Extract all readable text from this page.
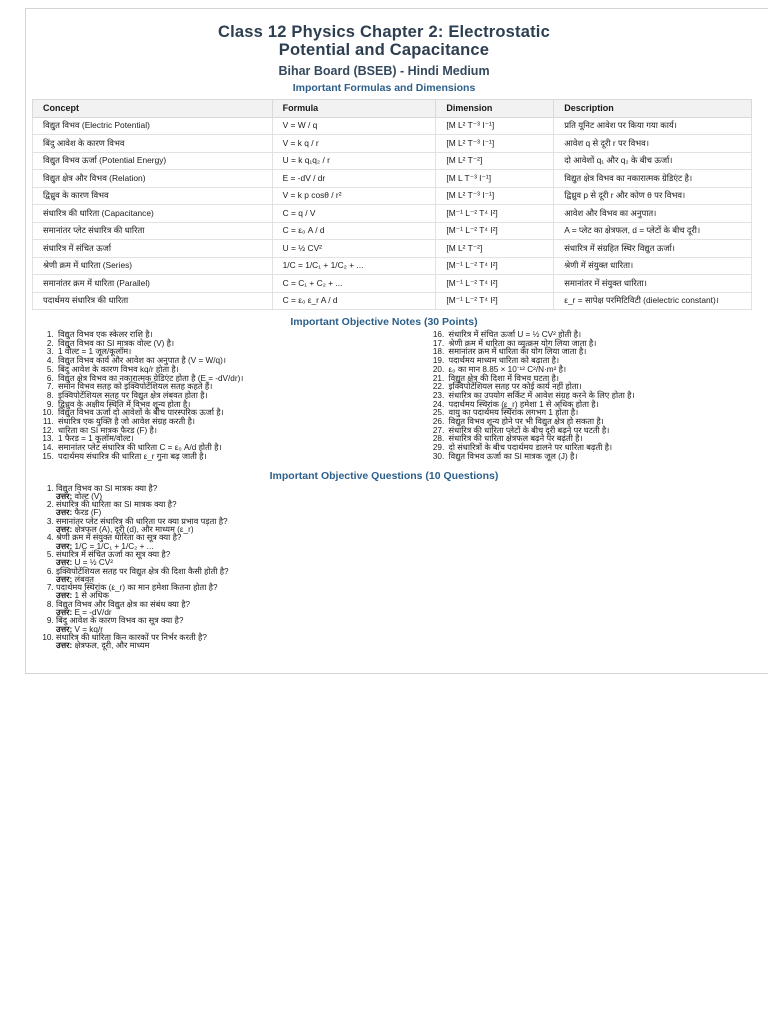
Class 12 Physics Chapter 2: Electrostatic
Potential and Capacitance
Bihar Board (BSEB) - Hindi Medium
Important Formulas and Dimensions
Concept	Formula	Dimension	Description
विद्युत विभव (Electric Potential)	V = W / q	[M L² T⁻³ I⁻¹]	प्रति यूनिट आवेश पर किया गया कार्य।
बिंदु आवेश के कारण विभव	V = k q / r	[M L² T⁻³ I⁻¹]	आवेश q से दूरी r पर विभव।
विद्युत विभव ऊर्जा (Potential Energy)	U = k q₁q₂ / r	[M L² T⁻²]	दो आवेशों q₁ और q₂ के बीच ऊर्जा।
विद्युत क्षेत्र और विभव (Relation)	E = -dV / dr	[M L T⁻³ I⁻¹]	विद्युत क्षेत्र विभव का नकारात्मक ग्रेडिएंट है।
द्विध्रुव के कारण विभव	V = k p cosθ / r²	[M L² T⁻³ I⁻¹]	द्विध्रुव p से दूरी r और कोण θ पर विभव।
संधारित्र की धारिता (Capacitance)	C = q / V	[M⁻¹ L⁻² T⁴ I²]	आवेश और विभव का अनुपात।
समानांतर प्लेट संधारित्र की धारिता	C = ε₀ A / d	[M⁻¹ L⁻² T⁴ I²]	A = प्लेट का क्षेत्रफल, d = प्लेटों के बीच दूरी।
संधारित्र में संचित ऊर्जा	U = ½ CV²	[M L² T⁻²]	संधारित्र में संग्रहित स्थिर विद्युत ऊर्जा।
श्रेणी क्रम में धारिता (Series)	1/C = 1/C₁ + 1/C₂ + ...	[M⁻¹ L⁻² T⁴ I²]	श्रेणी में संयुक्त धारिता।
समानांतर क्रम में धारिता (Parallel)	C = C₁ + C₂ + ...	[M⁻¹ L⁻² T⁴ I²]	समानांतर में संयुक्त धारिता।
पदार्थमय संधारित्र की धारिता	C = ε₀ ε_r A / d	[M⁻¹ L⁻² T⁴ I²]	ε_r = सापेक्ष परमिटिविटी (dielectric constant)।
Important Objective Notes (30 Points)
1. विद्युत विभव एक स्केलर राशि है।
2. विद्युत विभव का SI मात्रक वोल्ट (V) है।
3. 1 वोल्ट = 1 जूल/कूलॉम।
4. विद्युत विभव कार्य और आवेश का अनुपात है (V = W/q)।
5. बिंदु आवेश के कारण विभव kq/r होता है।
6. विद्युत क्षेत्र विभव का नकारात्मक ग्रेडिएंट होता है (E = -dV/dr)।
7. समान विभव सतह को इक्विपोटेंशियल सतह कहते हैं।
8. इक्विपोटेंशियल सतह पर विद्युत क्षेत्र लंबवत होता है।
9. द्विध्रुव के अक्षीय स्थिति में विभव शून्य होता है।
10. विद्युत विभव ऊर्जा दो आवेशों के बीच पारस्परिक ऊर्जा है।
11. संधारित्र एक युक्ति है जो आवेश संग्रह करती है।
12. धारिता का SI मात्रक फैरड (F) है।
13. 1 फैरड = 1 कूलॉम/वोल्ट।
14. समानांतर प्लेट संधारित्र की धारिता C = ε₀ A/d होती है।
15. पदार्थमय संधारित्र की धारिता ε_r गुना बढ़ जाती है।
16. संधारित्र में संचित ऊर्जा U = ½ CV² होती है।
17. श्रेणी क्रम में धारिता का व्युत्क्रम योग लिया जाता है।
18. समानांतर क्रम में धारिता का योग लिया जाता है।
19. पदार्थमय माध्यम धारिता को बढ़ाता है।
20. ε₀ का मान 8.85 × 10⁻¹² C²/N·m² है।
21. विद्युत क्षेत्र की दिशा में विभव घटता है।
22. इक्विपोटेंशियल सतह पर कोई कार्य नहीं होता।
23. संधारित्र का उपयोग सर्किट में आवेश संग्रह करने के लिए होता है।
24. पदार्थमय स्थिरांक (ε_r) हमेशा 1 से अधिक होता है।
25. वायु का पदार्थमय स्थिरांक लगभग 1 होता है।
26. विद्युत विभव शून्य होने पर भी विद्युत क्षेत्र हो सकता है।
27. संधारित्र की धारिता प्लेटों के बीच दूरी बढ़ने पर घटती है।
28. संधारित्र की धारिता क्षेत्रफल बढ़ने पर बढ़ती है।
29. दो संधारित्रों के बीच पदार्थमय डालने पर धारिता बढ़ती है।
30. विद्युत विभव ऊर्जा का SI मात्रक जूल (J) है।
Important Objective Questions (10 Questions)
1. विद्युत विभव का SI मात्रक क्या है?
उत्तर: वोल्ट (V)
2. संधारित्र की धारिता का SI मात्रक क्या है?
उत्तर: फैरड (F)
3. समानांतर प्लेट संधारित्र की धारिता पर क्या प्रभाव पड़ता है?
उत्तर: क्षेत्रफल (A), दूरी (d), और माध्यम (ε_r)
4. श्रेणी क्रम में संयुक्त धारिता का सूत्र क्या है?
उत्तर: 1/C = 1/C₁ + 1/C₂ + ...
5. संधारित्र में संचित ऊर्जा का सूत्र क्या है?
उत्तर: U = ½ CV²
6. इक्विपोटेंशियल सतह पर विद्युत क्षेत्र की दिशा कैसी होती है?
उत्तर: लंबवत
7. पदार्थमय स्थिरांक (ε_r) का मान हमेशा कितना होता है?
उत्तर: 1 से अधिक
8. विद्युत विभव और विद्युत क्षेत्र का संबंध क्या है?
उत्तर: E = -dV/dr
9. बिंदु आवेश के कारण विभव का सूत्र क्या है?
उत्तर: V = kq/r
10. संधारित्र की धारिता किन कारकों पर निर्भर करती है?
उत्तर: क्षेत्रफल, दूरी, और माध्यम
